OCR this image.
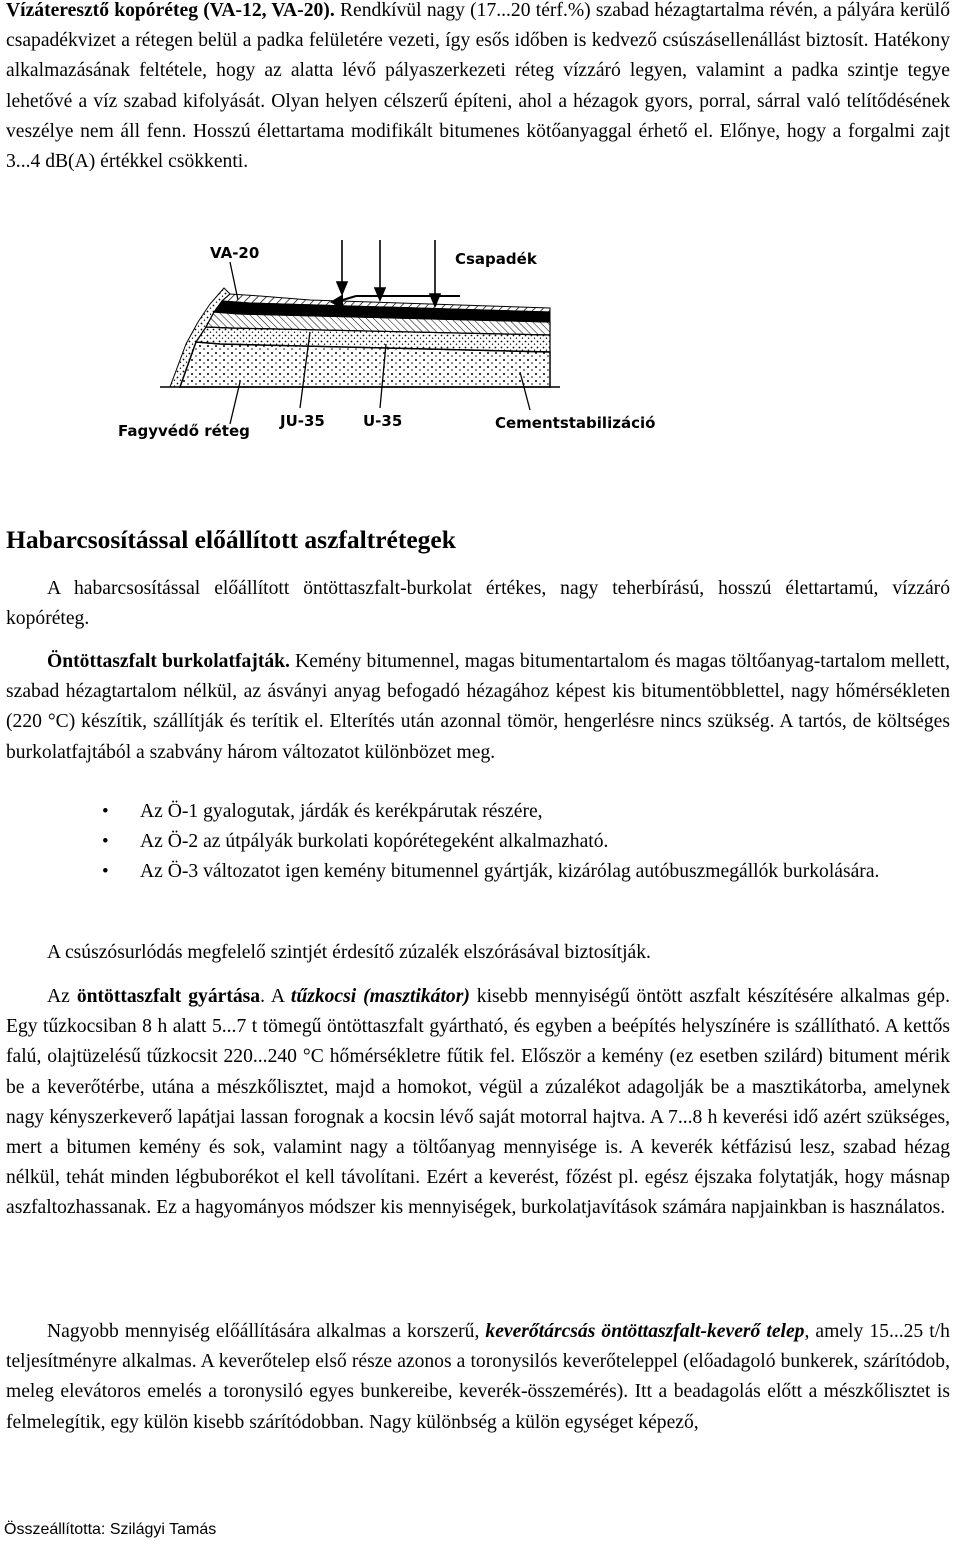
Vízáteresztő kopóréteg (VA-12, VA-20). Rendkívül nagy (17...20 térf.%) szabad hézagtartalma révén, a pályára kerülő csapadékvizet a rétegen belül a padka felületére vezeti, így esős időben is kedvező csúszásellenállást biztosít. Hatékony alkalmazásának feltétele, hogy az alatta lévő pályaszerkezeti réteg vízzáró legyen, valamint a padka szintje tegye lehetővé a víz szabad kifolyását. Olyan helyen célszerű építeni, ahol a hézagok gyors, porral, sárral való telítődésének veszélye nem áll fenn. Hosszú élettartama modifikált bitumenes kötőanyaggal érhető el. Előnye, hogy a forgalmi zajt 3...4 dB(A) értékkel csökkenti.

VA-20	Csapadék
Fagyvédő réteg
JU-35	U-35	Cementstabilizáció
Habarcsosítással előállított aszfaltrétegek

A habarcsosítással előállított öntöttaszfalt-burkolat értékes, nagy teherbírású, hosszú élettartamú, vízzáró kopóréteg.

Öntöttaszfalt burkolatfajták. Kemény bitumennel, magas bitumentartalom és magas töltőanyag-tartalom mellett, szabad hézagtartalom nélkül, az ásványi anyag befogadó hézagához képest kis bitumentöbblettel, nagy hőmérsékleten (220 °C) készítik, szállítják és terítik el. Elterítés után azonnal tömör, hengerlésre nincs szükség. A tartós, de költséges burkolatfajtából a szabvány három változatot különbözet meg.

• Az Ö-1 gyalogutak, járdák és kerékpárutak részére,
• Az Ö-2 az útpályák burkolati kopórétegeként alkalmazható.
• Az Ö-3 változatot igen kemény bitumennel gyártják, kizárólag autóbuszmegállók burkolására.

A csúszósurlódás megfelelő szintjét érdesítő zúzalék elszórásával biztosítják.

Az öntöttaszfalt gyártása. A tűzkocsi (masztikátor) kisebb mennyiségű öntött aszfalt készítésére alkalmas gép. Egy tűzkocsiban 8 h alatt 5...7 t tömegű öntöttaszfalt gyártható, és egyben a beépítés helyszínére is szállítható. A kettős falú, olajtüzelésű tűzkocsit 220...240 °C hőmérsékletre fűtik fel. Először a kemény (ez esetben szilárd) bitument mérik be a keverőtérbe, utána a mészkőlisztet, majd a homokot, végül a zúzalékot adagolják be a masztikátorba, amelynek nagy kényszerkeverő lapátjai lassan forognak a kocsin lévő saját motorral hajtva. A 7...8 h keverési idő azért szükséges, mert a bitumen kemény és sok, valamint nagy a töltőanyag mennyisége is. A keverék kétfázisú lesz, szabad hézag nélkül, tehát minden légbuborékot el kell távolítani. Ezért a keverést, főzést pl. egész éjszaka folytatják, hogy másnap aszfaltozhassanak. Ez a hagyományos módszer kis mennyiségek, burkolatjavítások számára napjainkban is használatos.

Nagyobb mennyiség előállítására alkalmas a korszerű, keverőtárcsás öntöttaszfalt-keverő telep, amely 15...25 t/h teljesítményre alkalmas. A keverőtelep első része azonos a toronysilós keverőteleppel (előadagoló bunkerek, szárítódob, meleg elevátoros emelés a toronysiló egyes bunkereibe, keverék-összemérés). Itt a beadagolás előtt a mészkőlisztet is felmelegítik, egy külön kisebb szárítódobban. Nagy különbség a külön egységet képező,

Összeállította: Szilágyi Tamás
